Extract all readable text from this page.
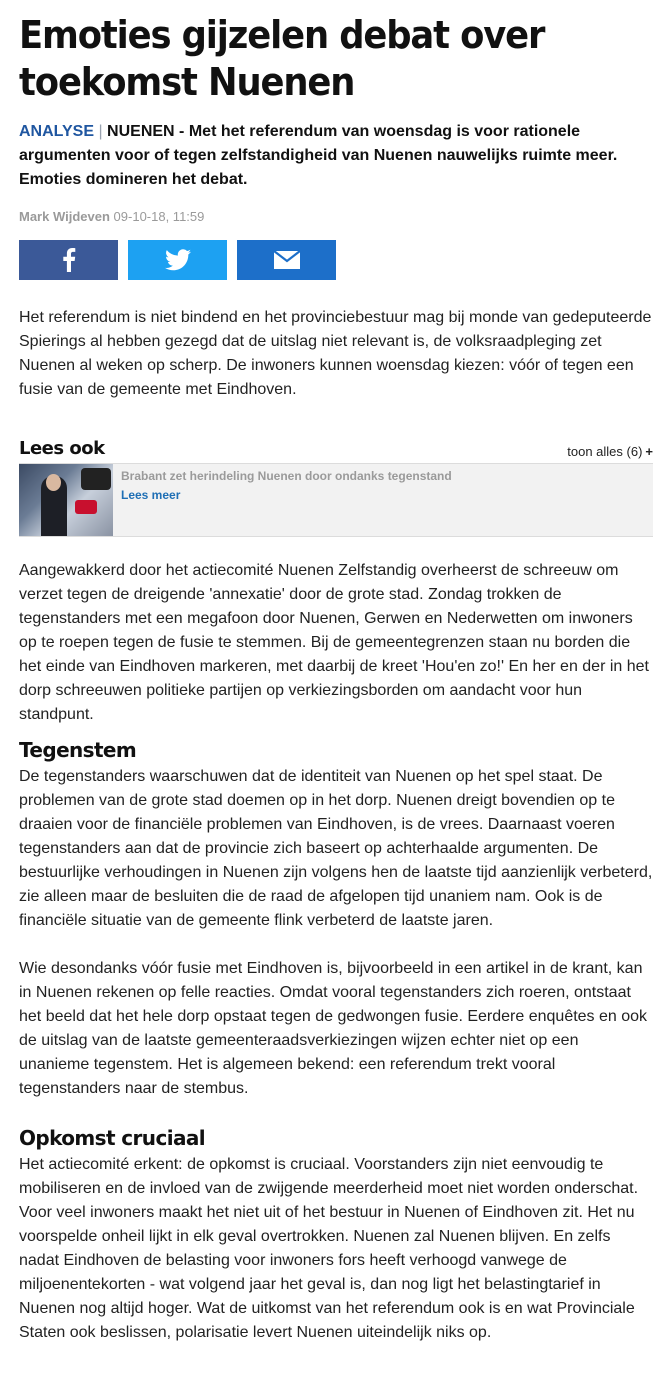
Emoties gijzelen debat over toekomst Nuenen
ANALYSE | NUENEN - Met het referendum van woensdag is voor rationele argumenten voor of tegen zelfstandigheid van Nuenen nauwelijks ruimte meer. Emoties domineren het debat.
Mark Wijdeven 09-10-18, 11:59

Het referendum is niet bindend en het provinciebestuur mag bij monde van gedeputeerde Spierings al hebben gezegd dat de uitslag niet relevant is, de volksraadpleging zet Nuenen al weken op scherp. De inwoners kunnen woensdag kiezen: vóór of tegen een fusie van de gemeente met Eindhoven.

Lees ook	toon alles (6) +
Brabant zet herindeling Nuenen door ondanks tegenstand
Lees meer

Aangewakkerd door het actiecomité Nuenen Zelfstandig overheerst de schreeuw om verzet tegen de dreigende 'annexatie' door de grote stad. Zondag trokken de tegenstanders met een megafoon door Nuenen, Gerwen en Nederwetten om inwoners op te roepen tegen de fusie te stemmen. Bij de gemeentegrenzen staan nu borden die het einde van Eindhoven markeren, met daarbij de kreet 'Hou'en zo!' En her en der in het dorp schreeuwen politieke partijen op verkiezingsborden om aandacht voor hun standpunt.

Tegenstem

De tegenstanders waarschuwen dat de identiteit van Nuenen op het spel staat. De problemen van de grote stad doemen op in het dorp. Nuenen dreigt bovendien op te draaien voor de financiële problemen van Eindhoven, is de vrees. Daarnaast voeren tegenstanders aan dat de provincie zich baseert op achterhaalde argumenten. De bestuurlijke verhoudingen in Nuenen zijn volgens hen de laatste tijd aanzienlijk verbeterd, zie alleen maar de besluiten die de raad de afgelopen tijd unaniem nam. Ook is de financiële situatie van de gemeente flink verbeterd de laatste jaren.

Wie desondanks vóór fusie met Eindhoven is, bijvoorbeeld in een artikel in de krant, kan in Nuenen rekenen op felle reacties. Omdat vooral tegenstanders zich roeren, ontstaat het beeld dat het hele dorp opstaat tegen de gedwongen fusie. Eerdere enquêtes en ook de uitslag van de laatste gemeenteraadsverkiezingen wijzen echter niet op een unanieme tegenstem. Het is algemeen bekend: een referendum trekt vooral tegenstanders naar de stembus.

Opkomst cruciaal

Het actiecomité erkent: de opkomst is cruciaal. Voorstanders zijn niet eenvoudig te mobiliseren en de invloed van de zwijgende meerderheid moet niet worden onderschat. Voor veel inwoners maakt het niet uit of het bestuur in Nuenen of Eindhoven zit. Het nu voorspelde onheil lijkt in elk geval overtrokken. Nuenen zal Nuenen blijven. En zelfs nadat Eindhoven de belasting voor inwoners fors heeft verhoogd vanwege de miljoenentekorten - wat volgend jaar het geval is, dan nog ligt het belastingtarief in Nuenen nog altijd hoger. Wat de uitkomst van het referendum ook is en wat Provinciale Staten ook beslissen, polarisatie levert Nuenen uiteindelijk niks op.
